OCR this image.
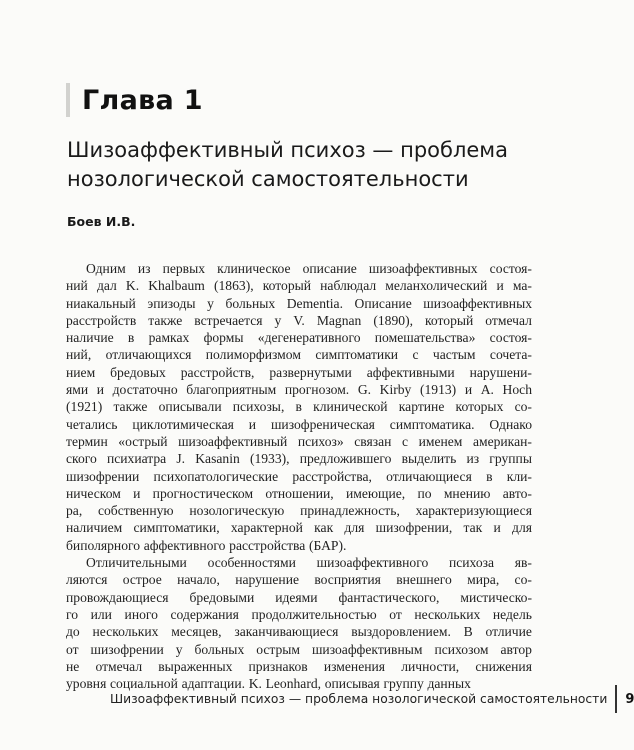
Глава 1
Шизоаффективный психоз — проблема
нозологической самостоятельности
Боев И.В.
Одним из первых клиническое описание шизоаффективных состоя-
ний дал K. Khalbaum (1863), который наблюдал меланхолический и ма-
ниакальный эпизоды у больных Dementia. Описание шизоаффективных
расстройств также встречается у V. Magnan (1890), который отмечал
наличие в рамках формы «дегенеративного помешательства» состоя-
ний, отличающихся полиморфизмом симптоматики с частым сочета-
нием бредовых расстройств, развернутыми аффективными нарушени-
ями и достаточно благоприятным прогнозом. G. Kirby (1913) и A. Hoch
(1921) также описывали психозы, в клинической картине которых со-
четались циклотимическая и шизофреническая симптоматика. Однако
термин «острый шизоаффективный психоз» связан с именем американ-
ского психиатра J. Kasanin (1933), предложившего выделить из группы
шизофрении психопатологические расстройства, отличающиеся в кли-
ническом и прогностическом отношении, имеющие, по мнению авто-
ра, собственную нозологическую принадлежность, характеризующиеся
наличием симптоматики, характерной как для шизофрении, так и для
биполярного аффективного расстройства (БАР).
Отличительными особенностями шизоаффективного психоза яв-
ляются острое начало, нарушение восприятия внешнего мира, со-
провождающиеся бредовыми идеями фантастического, мистическо-
го или иного содержания продолжительностью от нескольких недель
до нескольких месяцев, заканчивающиеся выздоровлением. В отличие
от шизофрении у больных острым шизоаффективным психозом автор
не отмечал выраженных признаков изменения личности, снижения
уровня социальной адаптации. K. Leonhard, описывая группу данных
Шизоаффективный психоз — проблема нозологической самостоятельности 9
